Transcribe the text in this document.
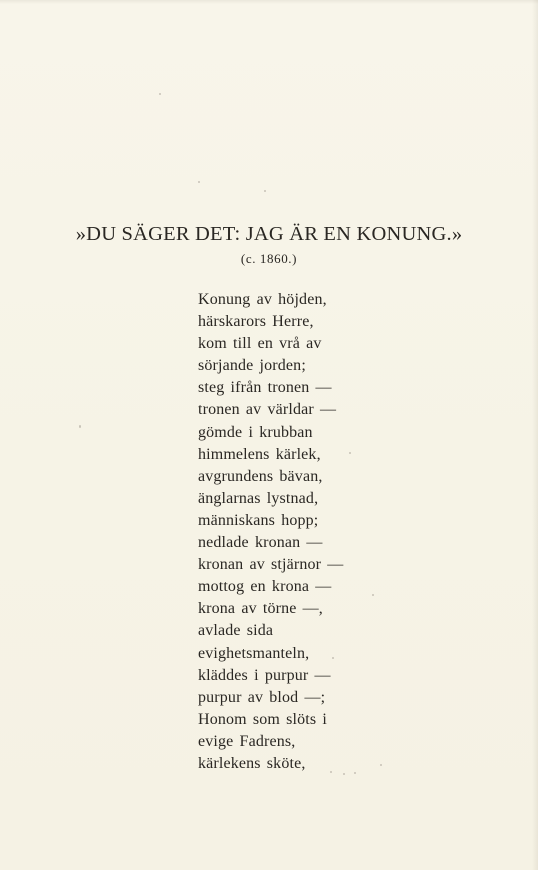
»DU SÄGER DET: JAG ÄR EN KONUNG.»
(c. 1860.)
Konung av höjden,
härskarors Herre,
kom till en vrå av
sörjande jorden;
steg ifrån tronen —
tronen av världar —
gömde i krubban
himmelens kärlek,
avgrundens bävan,
änglarnas lystnad,
människans hopp;
nedlade kronan —
kronan av stjärnor —
mottog en krona —
krona av törne —,
avlade sida
evighetsmanteln,
kläddes i purpur —
purpur av blod —;
Honom som slöts i
evige Fadrens,
kärlekens sköte,
